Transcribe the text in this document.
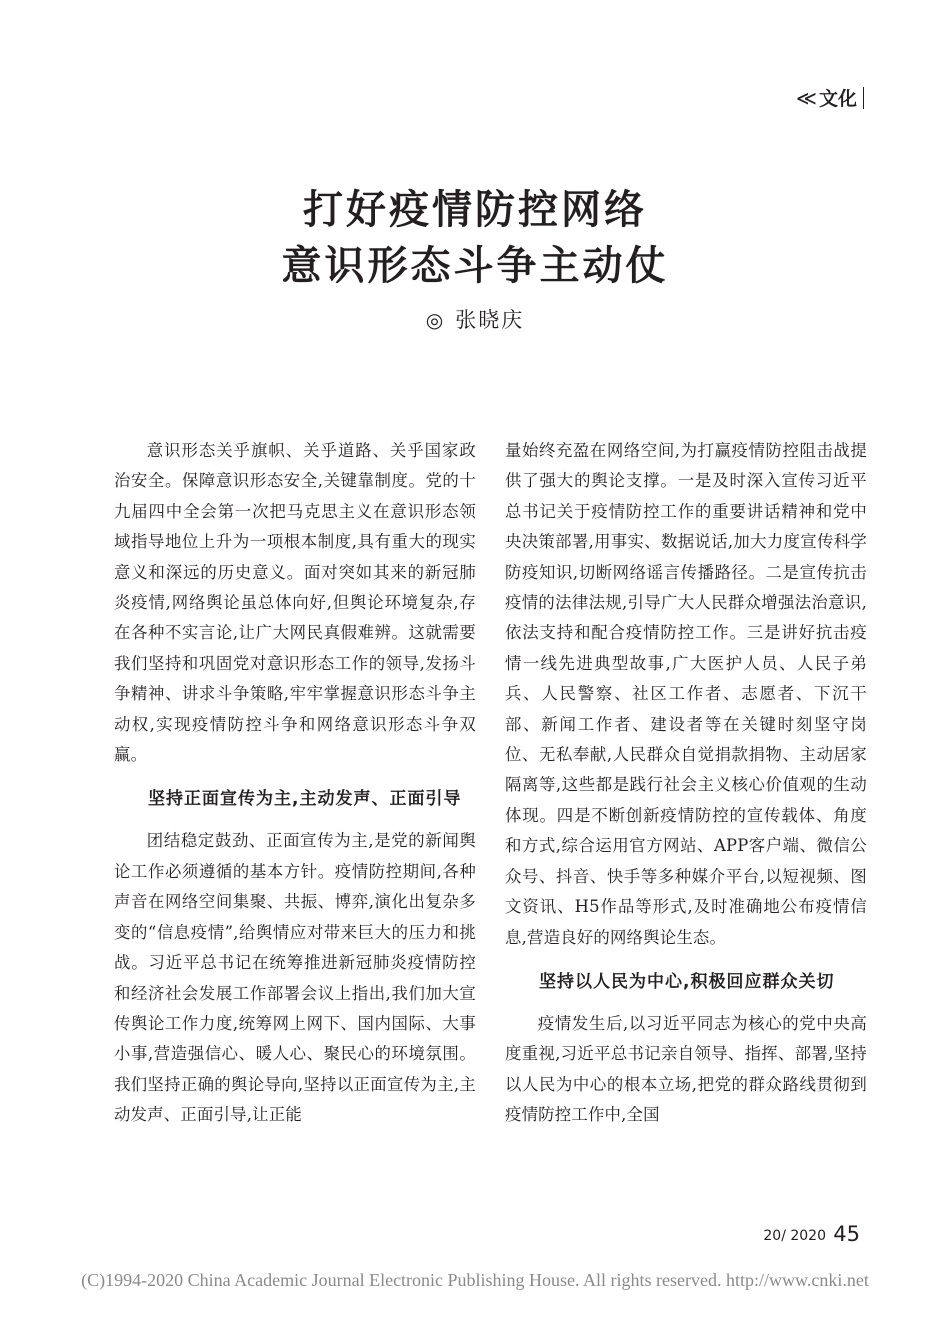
≪ 文化
打好疫情防控网络
意识形态斗争主动仗
◎ 张晓庆

意识形态关乎旗帜、关乎道路、关乎国家政治安全。保障意识形态安全,关键靠制度。党的十九届四中全会第一次把马克思主义在意识形态领域指导地位上升为一项根本制度,具有重大的现实意义和深远的历史意义。面对突如其来的新冠肺炎疫情,网络舆论虽总体向好,但舆论环境复杂,存在各种不实言论,让广大网民真假难辨。这就需要我们坚持和巩固党对意识形态工作的领导,发扬斗争精神、讲求斗争策略,牢牢掌握意识形态斗争主动权,实现疫情防控斗争和网络意识形态斗争双赢。

坚持正面宣传为主,主动发声、正面引导

团结稳定鼓劲、正面宣传为主,是党的新闻舆论工作必须遵循的基本方针。疫情防控期间,各种声音在网络空间集聚、共振、博弈,演化出复杂多变的“信息疫情”,给舆情应对带来巨大的压力和挑战。习近平总书记在统筹推进新冠肺炎疫情防控和经济社会发展工作部署会议上指出,我们加大宣传舆论工作力度,统筹网上网下、国内国际、大事小事,营造强信心、暖人心、聚民心的环境氛围。我们坚持正确的舆论导向,坚持以正面宣传为主,主动发声、正面引导,让正能

量始终充盈在网络空间,为打赢疫情防控阻击战提供了强大的舆论支撑。一是及时深入宣传习近平总书记关于疫情防控工作的重要讲话精神和党中央决策部署,用事实、数据说话,加大力度宣传科学防疫知识,切断网络谣言传播路径。二是宣传抗击疫情的法律法规,引导广大人民群众增强法治意识,依法支持和配合疫情防控工作。三是讲好抗击疫情一线先进典型故事,广大医护人员、人民子弟兵、人民警察、社区工作者、志愿者、下沉干部、新闻工作者、建设者等在关键时刻坚守岗位、无私奉献,人民群众自觉捐款捐物、主动居家隔离等,这些都是践行社会主义核心价值观的生动体现。四是不断创新疫情防控的宣传载体、角度和方式,综合运用官方网站、APP客户端、微信公众号、抖音、快手等多种媒介平台,以短视频、图文资讯、H5作品等形式,及时准确地公布疫情信息,营造良好的网络舆论生态。

坚持以人民为中心,积极回应群众关切

疫情发生后,以习近平同志为核心的党中央高度重视,习近平总书记亲自领导、指挥、部署,坚持以人民为中心的根本立场,把党的群众路线贯彻到疫情防控工作中,全国

20/ 2020 45
(C)1994-2020 China Academic Journal Electronic Publishing House. All rights reserved. http://www.cnki.net
